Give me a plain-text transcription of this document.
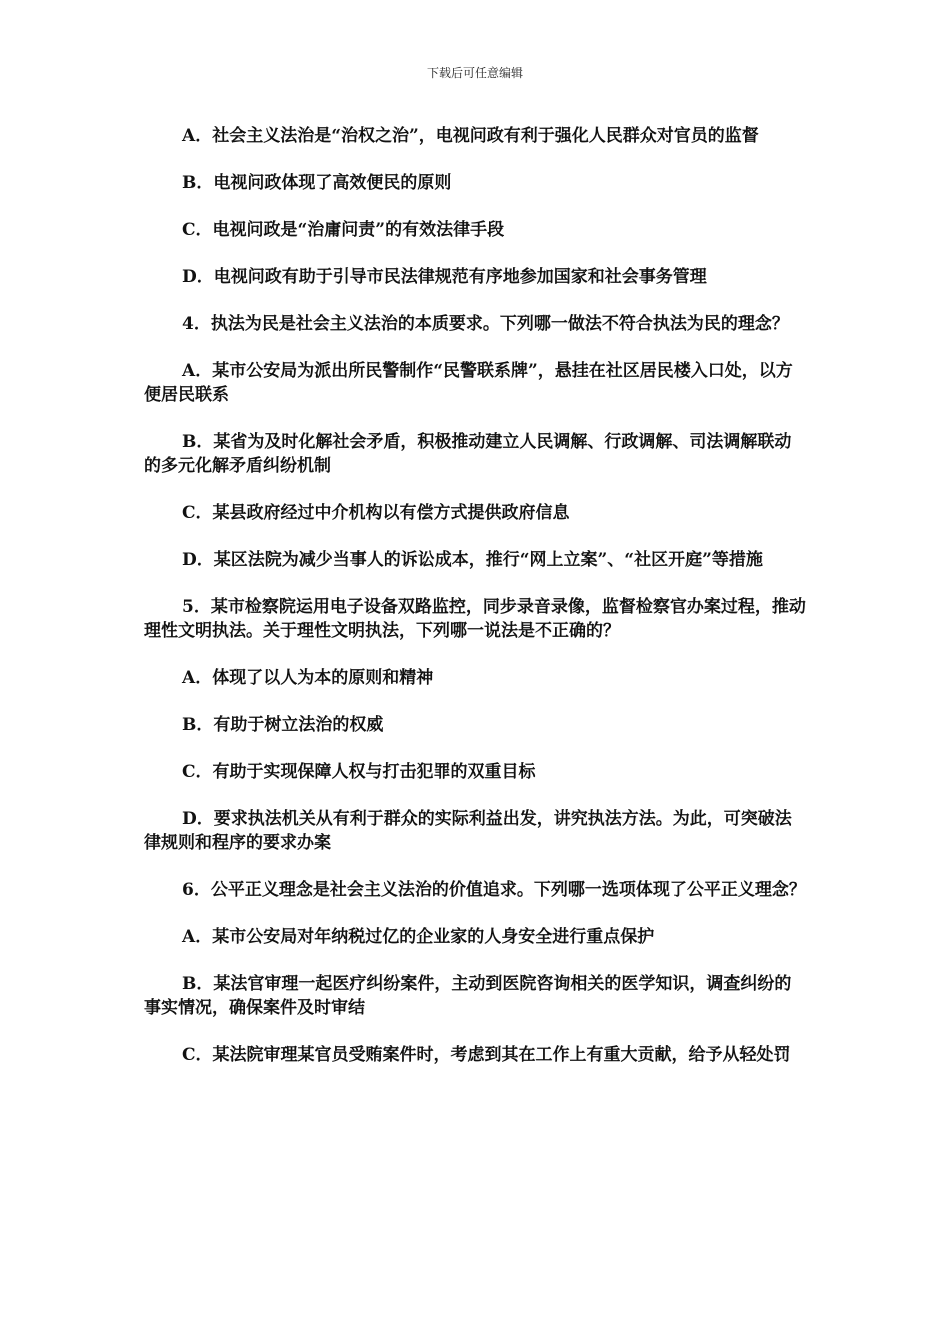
下载后可任意编辑

A．社会主义法治是“治权之治”，电视问政有利于强化人民群众对官员的监督

B．电视问政体现了高效便民的原则

C．电视问政是“治庸问责”的有效法律手段

D．电视问政有助于引导市民法律规范有序地参加国家和社会事务管理

4．执法为民是社会主义法治的本质要求。下列哪一做法不符合执法为民的理念？

A．某市公安局为派出所民警制作“民警联系牌”，悬挂在社区居民楼入口处，以方便居民联系

B．某省为及时化解社会矛盾，积极推动建立人民调解、行政调解、司法调解联动的多元化解矛盾纠纷机制

C．某县政府经过中介机构以有偿方式提供政府信息

D．某区法院为减少当事人的诉讼成本，推行“网上立案”、“社区开庭”等措施

5．某市检察院运用电子设备双路监控，同步录音录像，监督检察官办案过程，推动理性文明执法。关于理性文明执法，下列哪一说法是不正确的？

A．体现了以人为本的原则和精神

B．有助于树立法治的权威

C．有助于实现保障人权与打击犯罪的双重目标

D．要求执法机关从有利于群众的实际利益出发，讲究执法方法。为此，可突破法律规则和程序的要求办案

6．公平正义理念是社会主义法治的价值追求。下列哪一选项体现了公平正义理念？

A．某市公安局对年纳税过亿的企业家的人身安全进行重点保护

B．某法官审理一起医疗纠纷案件，主动到医院咨询相关的医学知识，调查纠纷的事实情况，确保案件及时审结

C．某法院审理某官员受贿案件时，考虑到其在工作上有重大贡献，给予从轻处罚
